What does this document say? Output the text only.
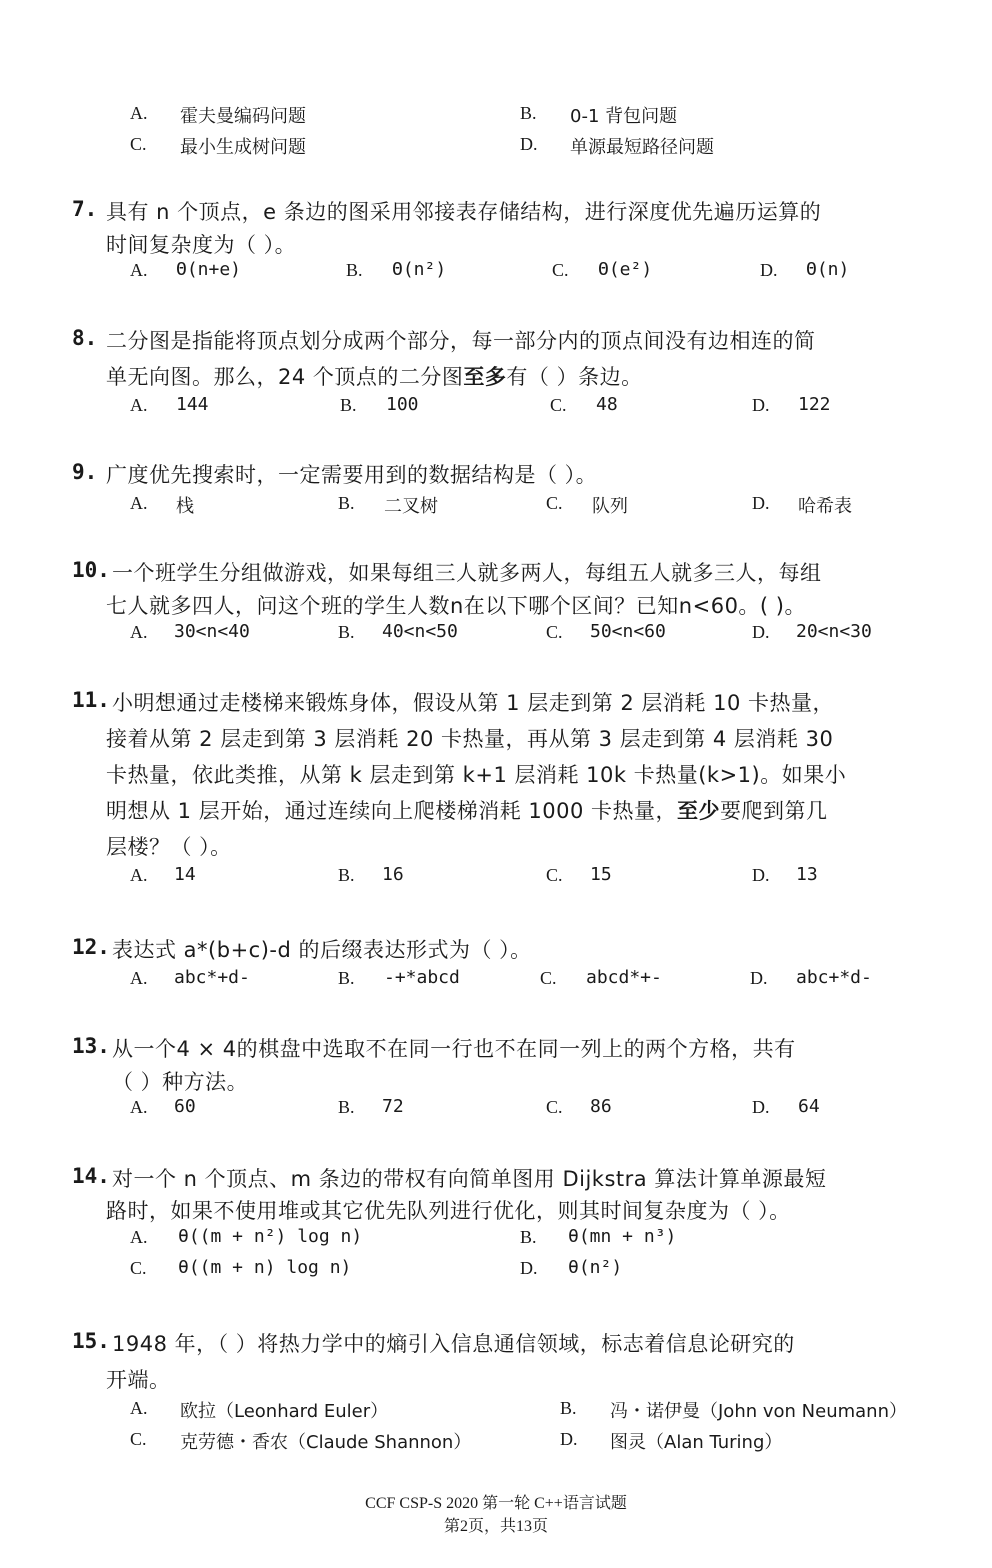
A. 霍夫曼编码问题	B. 0-1 背包问题
C. 最小生成树问题	D. 单源最短路径问题
7. 具有 n 个顶点，e 条边的图采用邻接表存储结构，进行深度优先遍历运算的
时间复杂度为（ ）。
A. Θ(n+e)	B. Θ(n²)	C. Θ(e²)	D. Θ(n)
8. 二分图是指能将顶点划分成两个部分，每一部分内的顶点间没有边相连的简
单无向图。那么，24 个顶点的二分图至多有（ ）条边。
A. 144	B. 100	C. 48	D. 122
9. 广度优先搜索时，一定需要用到的数据结构是（ ）。
A. 栈	B. 二叉树	C. 队列	D. 哈希表
10. 一个班学生分组做游戏，如果每组三人就多两人，每组五人就多三人，每组
七人就多四人，问这个班的学生人数n在以下哪个区间？已知n<60。( )。
A. 30<n<40	B. 40<n<50	C. 50<n<60	D. 20<n<30
11. 小明想通过走楼梯来锻炼身体，假设从第 1 层走到第 2 层消耗 10 卡热量，
接着从第 2 层走到第 3 层消耗 20 卡热量，再从第 3 层走到第 4 层消耗 30
卡热量，依此类推，从第 k 层走到第 k+1 层消耗 10k 卡热量(k>1)。如果小
明想从 1 层开始，通过连续向上爬楼梯消耗 1000 卡热量，至少要爬到第几
层楼？（ ）。
A. 14	B. 16	C. 15	D. 13
12. 表达式 a*(b+c)-d 的后缀表达形式为（ ）。
A. abc*+d-	B. -+*abcd	C. abcd*+-	D. abc+*d-
13. 从一个4 × 4的棋盘中选取不在同一行也不在同一列上的两个方格，共有
（ ）种方法。
A. 60	B. 72	C. 86	D. 64
14. 对一个 n 个顶点、m 条边的带权有向简单图用 Dijkstra 算法计算单源最短
路时，如果不使用堆或其它优先队列进行优化，则其时间复杂度为（ ）。
A. θ((m + n²) log n)	B. θ(mn + n³)
C. θ((m + n) log n)	D. θ(n²)
15. 1948 年，（ ）将热力学中的熵引入信息通信领域，标志着信息论研究的
开端。
A. 欧拉（Leonhard Euler）	B. 冯・诺伊曼（John von Neumann）
C. 克劳德・香农（Claude Shannon）	D. 图灵（Alan Turing）
CCF CSP-S 2020 第一轮 C++语言试题
第2页，共13页
